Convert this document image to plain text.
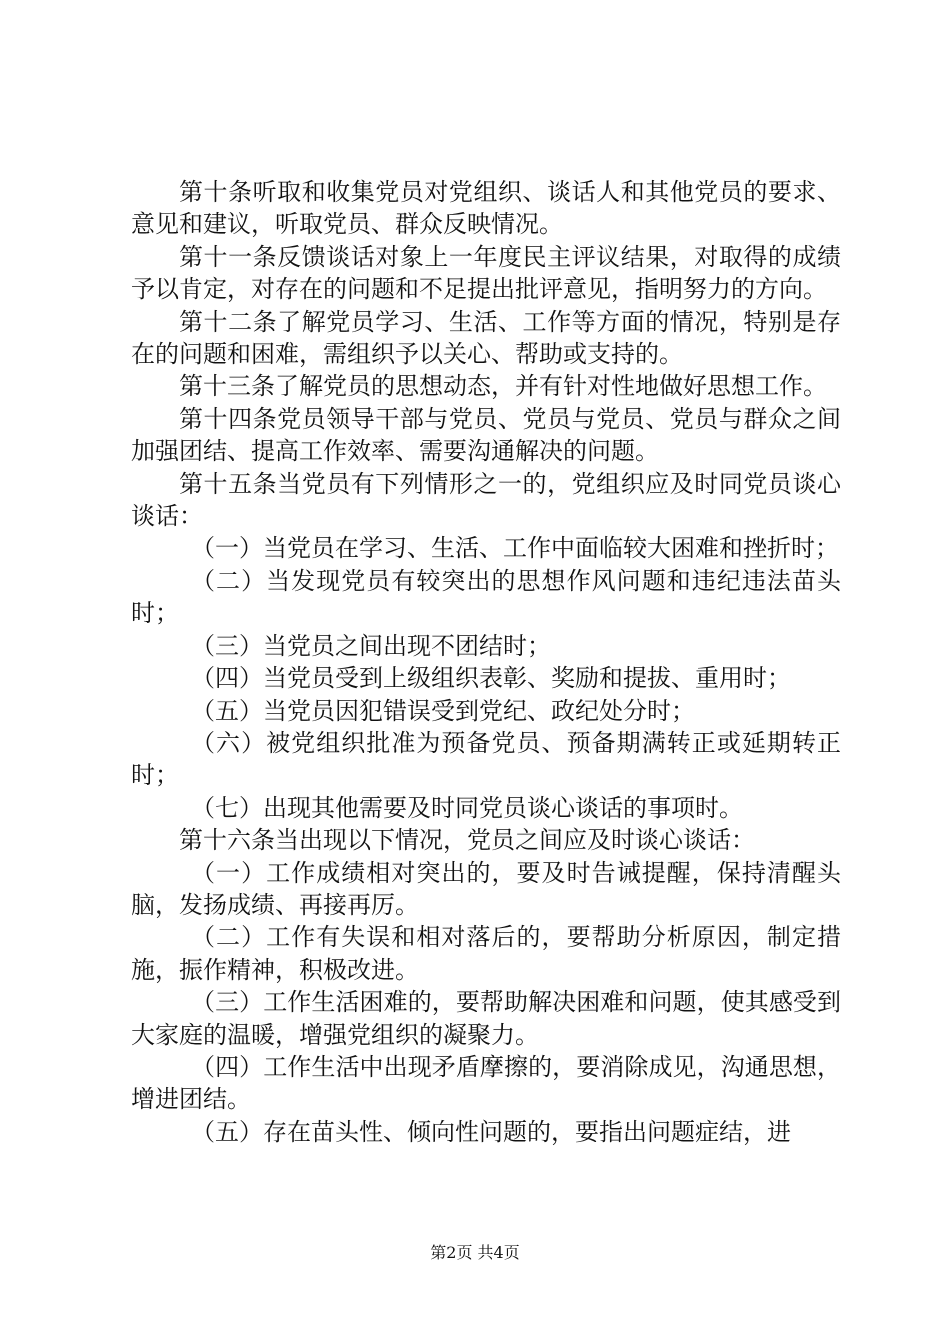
第十条听取和收集党员对党组织、谈话人和其他党员的要求、意见和建议，听取党员、群众反映情况。

第十一条反馈谈话对象上一年度民主评议结果，对取得的成绩予以肯定，对存在的问题和不足提出批评意见，指明努力的方向。

第十二条了解党员学习、生活、工作等方面的情况，特别是存在的问题和困难，需组织予以关心、帮助或支持的。

第十三条了解党员的思想动态，并有针对性地做好思想工作。

第十四条党员领导干部与党员、党员与党员、党员与群众之间加强团结、提高工作效率、需要沟通解决的问题。

第十五条当党员有下列情形之一的，党组织应及时同党员谈心谈话：

（一）当党员在学习、生活、工作中面临较大困难和挫折时；

（二）当发现党员有较突出的思想作风问题和违纪违法苗头时；

（三）当党员之间出现不团结时；

（四）当党员受到上级组织表彰、奖励和提拔、重用时；

（五）当党员因犯错误受到党纪、政纪处分时；

（六）被党组织批准为预备党员、预备期满转正或延期转正时；

（七）出现其他需要及时同党员谈心谈话的事项时。

第十六条当出现以下情况，党员之间应及时谈心谈话：

（一）工作成绩相对突出的，要及时告诫提醒，保持清醒头脑，发扬成绩、再接再厉。

（二）工作有失误和相对落后的，要帮助分析原因，制定措施，振作精神，积极改进。

（三）工作生活困难的，要帮助解决困难和问题，使其感受到大家庭的温暖，增强党组织的凝聚力。

（四）工作生活中出现矛盾摩擦的，要消除成见，沟通思想，增进团结。

（五）存在苗头性、倾向性问题的，要指出问题症结，进

第2页 共4页
